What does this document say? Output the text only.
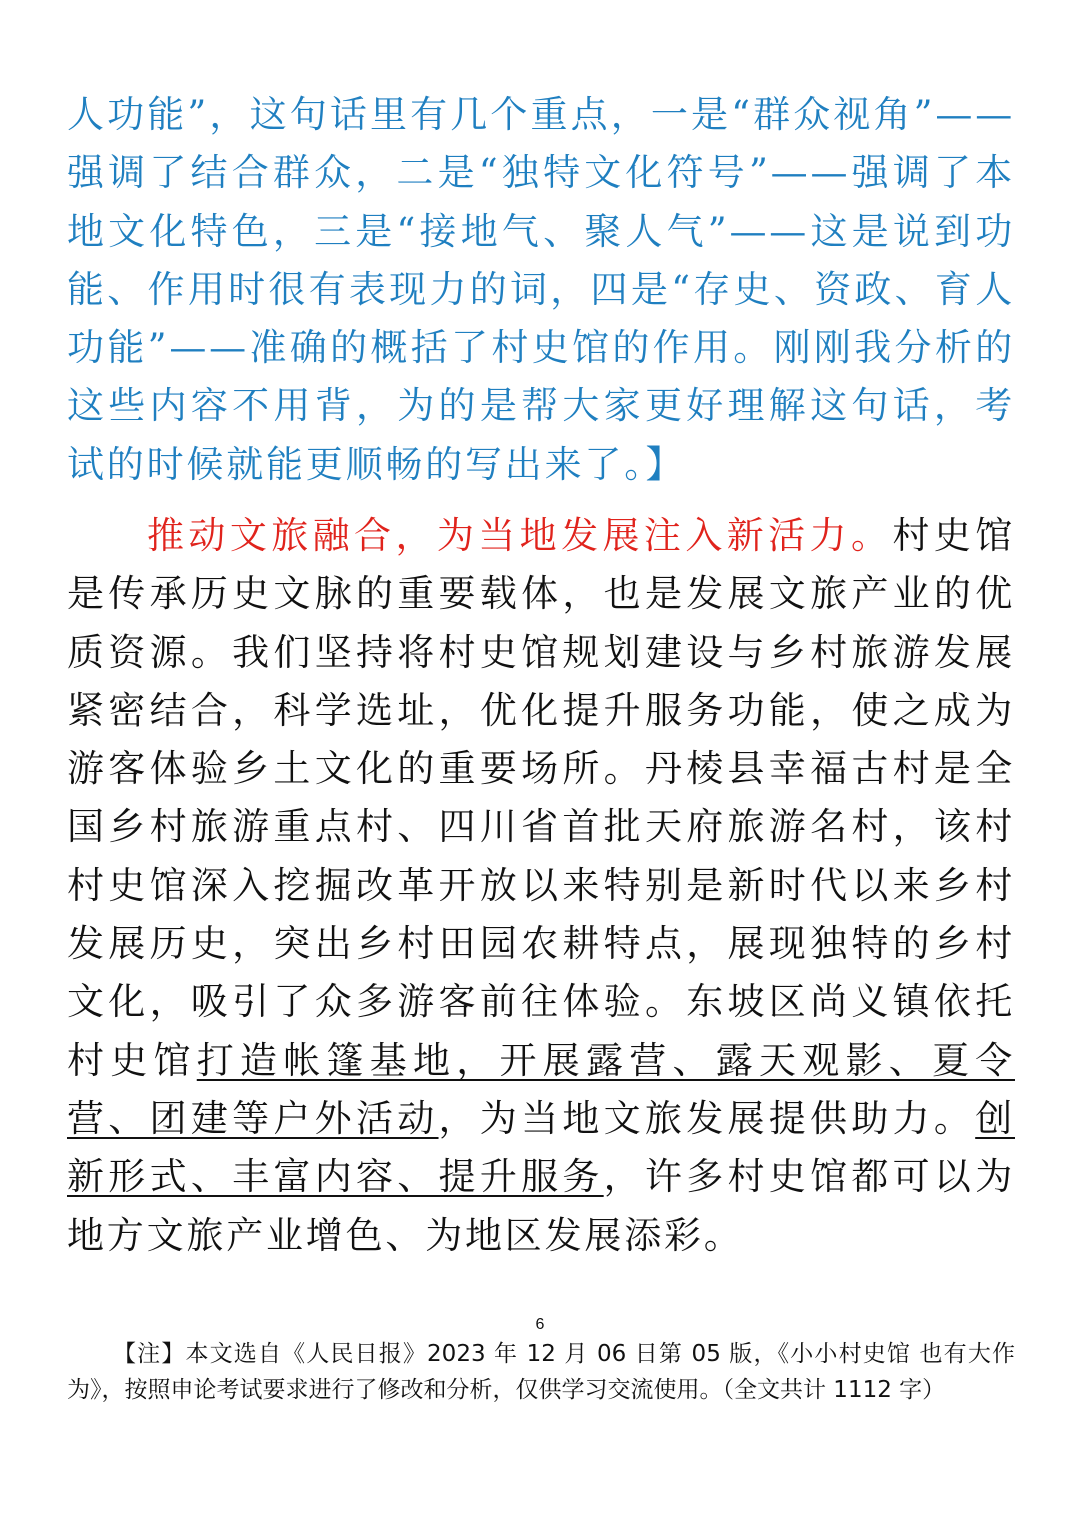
人功能”，这句话里有几个重点，一是“群众视角”——强调了结合群众，二是“独特文化符号”——强调了本地文化特色，三是“接地气、聚人气”——这是说到功能、作用时很有表现力的词，四是“存史、资政、育人功能”——准确的概括了村史馆的作用。刚刚我分析的这些内容不用背，为的是帮大家更好理解这句话，考试的时候就能更顺畅的写出来了。】

推动文旅融合，为当地发展注入新活力。村史馆是传承历史文脉的重要载体，也是发展文旅产业的优质资源。我们坚持将村史馆规划建设与乡村旅游发展紧密结合，科学选址，优化提升服务功能，使之成为游客体验乡土文化的重要场所。丹棱县幸福古村是全国乡村旅游重点村、四川省首批天府旅游名村，该村村史馆深入挖掘改革开放以来特别是新时代以来乡村发展历史，突出乡村田园农耕特点，展现独特的乡村文化，吸引了众多游客前往体验。东坡区尚义镇依托村史馆打造帐篷基地，开展露营、露天观影、夏令营、团建等户外活动，为当地文旅发展提供助力。创新形式、丰富内容、提升服务，许多村史馆都可以为地方文旅产业增色、为地区发展添彩。

6

【注】本文选自《人民日报》2023 年 12 月 06 日第 05 版，《小小村史馆 也有大作为》，按照申论考试要求进行了修改和分析，仅供学习交流使用。（全文共计 1112 字）
